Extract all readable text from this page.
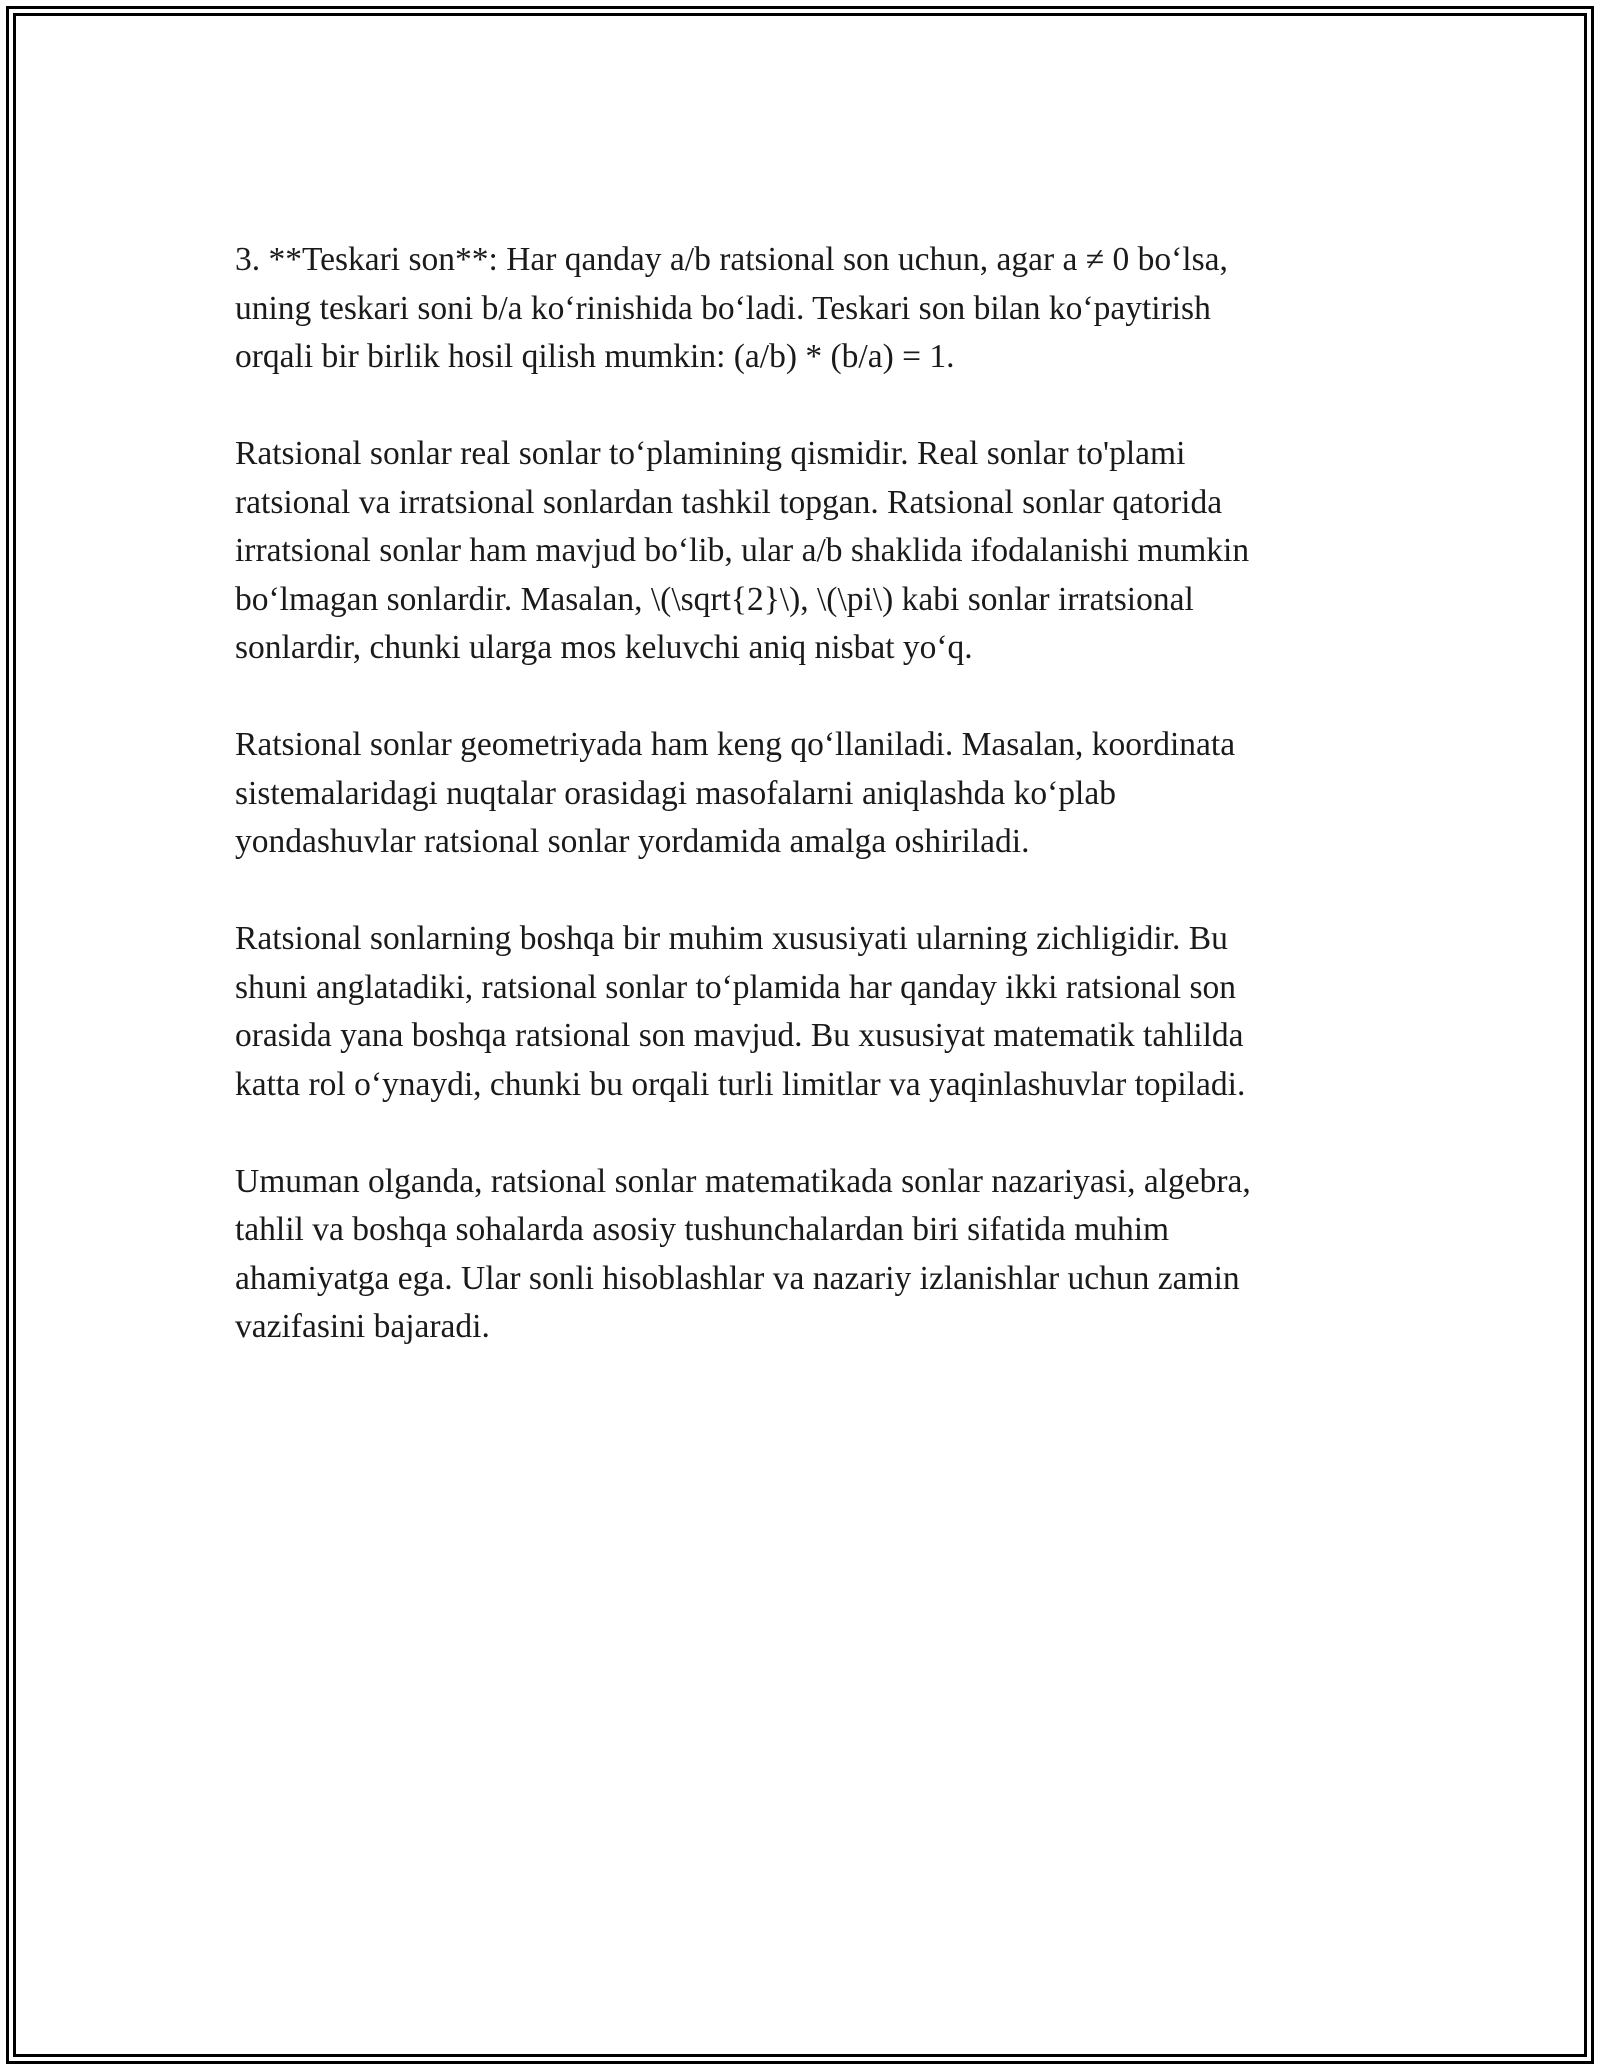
3. **Teskari son**: Har qanday a/b ratsional son uchun, agar a ≠ 0 bo‘lsa,
uning teskari soni b/a ko‘rinishida bo‘ladi. Teskari son bilan ko‘paytirish
orqali bir birlik hosil qilish mumkin: (a/b) * (b/a) = 1.

Ratsional sonlar real sonlar to‘plamining qismidir. Real sonlar to'plami
ratsional va irratsional sonlardan tashkil topgan. Ratsional sonlar qatorida
irratsional sonlar ham mavjud bo‘lib, ular a/b shaklida ifodalanishi mumkin
bo‘lmagan sonlardir. Masalan, \(\sqrt{2}\), \(\pi\) kabi sonlar irratsional
sonlardir, chunki ularga mos keluvchi aniq nisbat yo‘q.

Ratsional sonlar geometriyada ham keng qo‘llaniladi. Masalan, koordinata
sistemalaridagi nuqtalar orasidagi masofalarni aniqlashda ko‘plab
yondashuvlar ratsional sonlar yordamida amalga oshiriladi.

Ratsional sonlarning boshqa bir muhim xususiyati ularning zichligidir. Bu
shuni anglatadiki, ratsional sonlar to‘plamida har qanday ikki ratsional son
orasida yana boshqa ratsional son mavjud. Bu xususiyat matematik tahlilda
katta rol o‘ynaydi, chunki bu orqali turli limitlar va yaqinlashuvlar topiladi.

Umuman olganda, ratsional sonlar matematikada sonlar nazariyasi, algebra,
tahlil va boshqa sohalarda asosiy tushunchalardan biri sifatida muhim
ahamiyatga ega. Ular sonli hisoblashlar va nazariy izlanishlar uchun zamin
vazifasini bajaradi.
